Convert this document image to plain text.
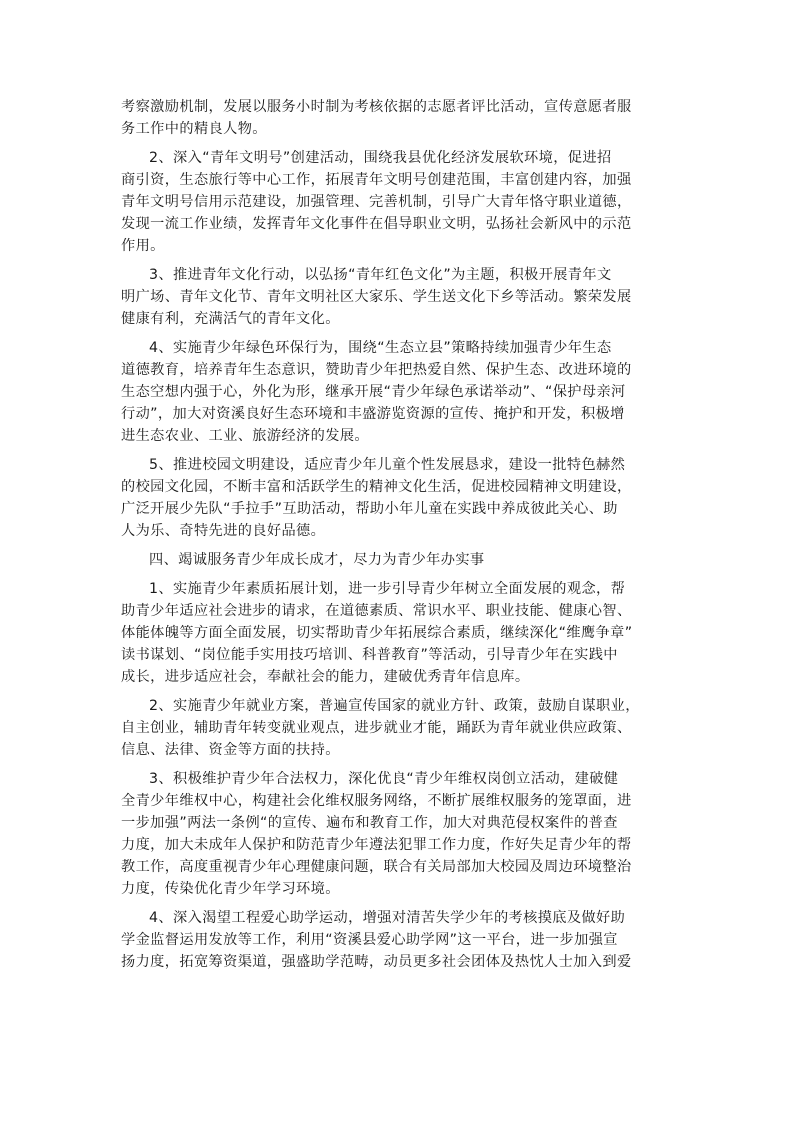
考察激励机制，发展以服务小时制为考核依据的志愿者评比活动，宣传意愿者服
务工作中的精良人物。

2、深入“青年文明号”创建活动，围绕我县优化经济发展软环境，促进招
商引资，生态旅行等中心工作，拓展青年文明号创建范围，丰富创建内容，加强
青年文明号信用示范建设，加强管理、完善机制，引导广大青年恪守职业道德，
发现一流工作业绩，发挥青年文化事件在倡导职业文明，弘扬社会新风中的示范
作用。

3、推进青年文化行动，以弘扬“青年红色文化”为主题，积极开展青年文
明广场、青年文化节、青年文明社区大家乐、学生送文化下乡等活动。繁荣发展
健康有利，充满活气的青年文化。

4、实施青少年绿色环保行为，围绕“生态立县”策略持续加强青少年生态
道德教育，培养青年生态意识，赞助青少年把热爱自然、保护生态、改进环境的
生态空想内强于心，外化为形，继承开展“青少年绿色承诺举动”、“保护母亲河
行动”，加大对资溪良好生态环境和丰盛游览资源的宣传、掩护和开发，积极增
进生态农业、工业、旅游经济的发展。

5、推进校园文明建设，适应青少年儿童个性发展恳求，建设一批特色赫然
的校园文化园，不断丰富和活跃学生的精神文化生活，促进校园精神文明建设，
广泛开展少先队“手拉手”互助活动，帮助小年儿童在实践中养成彼此关心、助
人为乐、奇特先进的良好品德。

四、竭诚服务青少年成长成才，尽力为青少年办实事

1、实施青少年素质拓展计划，进一步引导青少年树立全面发展的观念，帮
助青少年适应社会进步的请求，在道德素质、常识水平、职业技能、健康心智、
体能体魄等方面全面发展，切实帮助青少年拓展综合素质，继续深化“维鹰争章”
读书谋划、“岗位能手实用技巧培训、科普教育”等活动，引导青少年在实践中
成长，进步适应社会，奉献社会的能力，建破优秀青年信息库。

2、实施青少年就业方案，普遍宣传国家的就业方针、政策，鼓励自谋职业，
自主创业，辅助青年转变就业观点，进步就业才能，踊跃为青年就业供应政策、
信息、法律、资金等方面的扶持。

3、积极维护青少年合法权力，深化优良“青少年维权岗创立活动，建破健
全青少年维权中心，构建社会化维权服务网络，不断扩展维权服务的笼罩面，进
一步加强”两法一条例“的宣传、遍布和教育工作，加大对典范侵权案件的普查
力度，加大未成年人保护和防范青少年遵法犯罪工作力度，作好失足青少年的帮
教工作，高度重视青少年心理健康问题，联合有关局部加大校园及周边环境整治
力度，传染优化青少年学习环境。

4、深入渴望工程爱心助学运动，增强对清苦失学少年的考核摸底及做好助
学金监督运用发放等工作，利用“资溪县爱心助学网”这一平台，进一步加强宣
扬力度，拓宽筹资渠道，强盛助学范畴，动员更多社会团体及热忱人士加入到爱
